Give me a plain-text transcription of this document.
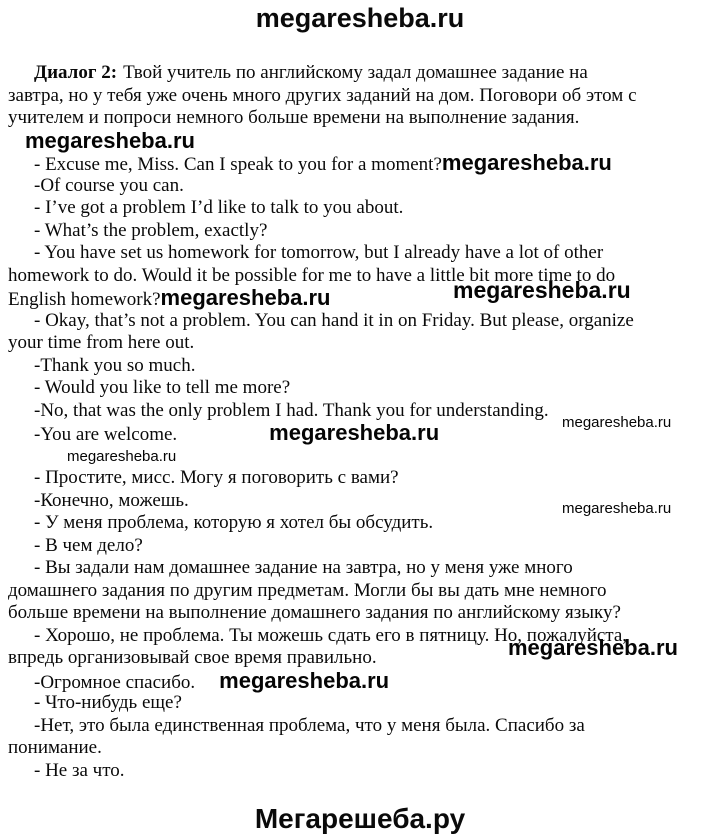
megaresheba.ru

Диалог 2: Твой учитель по английскому задал домашнее задание на

завтра, но у тебя уже очень много других заданий на дом. Поговори об этом с

учителем и попроси немного больше времени на выполнение задания.

megaresheba.ru

- Excuse me, Miss. Can I speak to you for a moment?megaresheba.ru

-Of course you can.

- I’ve got a problem I’d like to talk to you about.

- What’s the problem, exactly?

- You have set us homework for tomorrow, but I already have a lot of other

homework to do. Would it be possible for me to have a little bit more time to do

English homework?megaresheba.ru	megaresheba.ru

- Okay, that’s not a problem. You can hand it in on Friday. But please, organize

your time from here out.

-Thank you so much.

- Would you like to tell me more?

-No, that was the only problem I had. Thank you for understanding.

-You are welcome.	megaresheba.ru	megaresheba.ru

megaresheba.ru

- Простите, мисс. Могу я поговорить с вами?

-Конечно, можешь.

- У меня проблема, которую я хотел бы обсудить.
megaresheba.ru

- В чем дело?

- Вы задали нам домашнее задание на завтра, но у меня уже много

домашнего задания по другим предметам. Могли бы вы дать мне немного

больше времени на выполнение домашнего задания по английскому языку?

- Хорошо, не проблема. Ты можешь сдать его в пятницу. Но, пожалуйста,

впредь организовывай свое время правильно.	megaresheba.ru

-Огромное спасибо. megaresheba.ru

- Что-нибудь еще?

-Нет, это была единственная проблема, что у меня была. Спасибо за

понимание.

- Не за что.

Мегарешеба.ру
